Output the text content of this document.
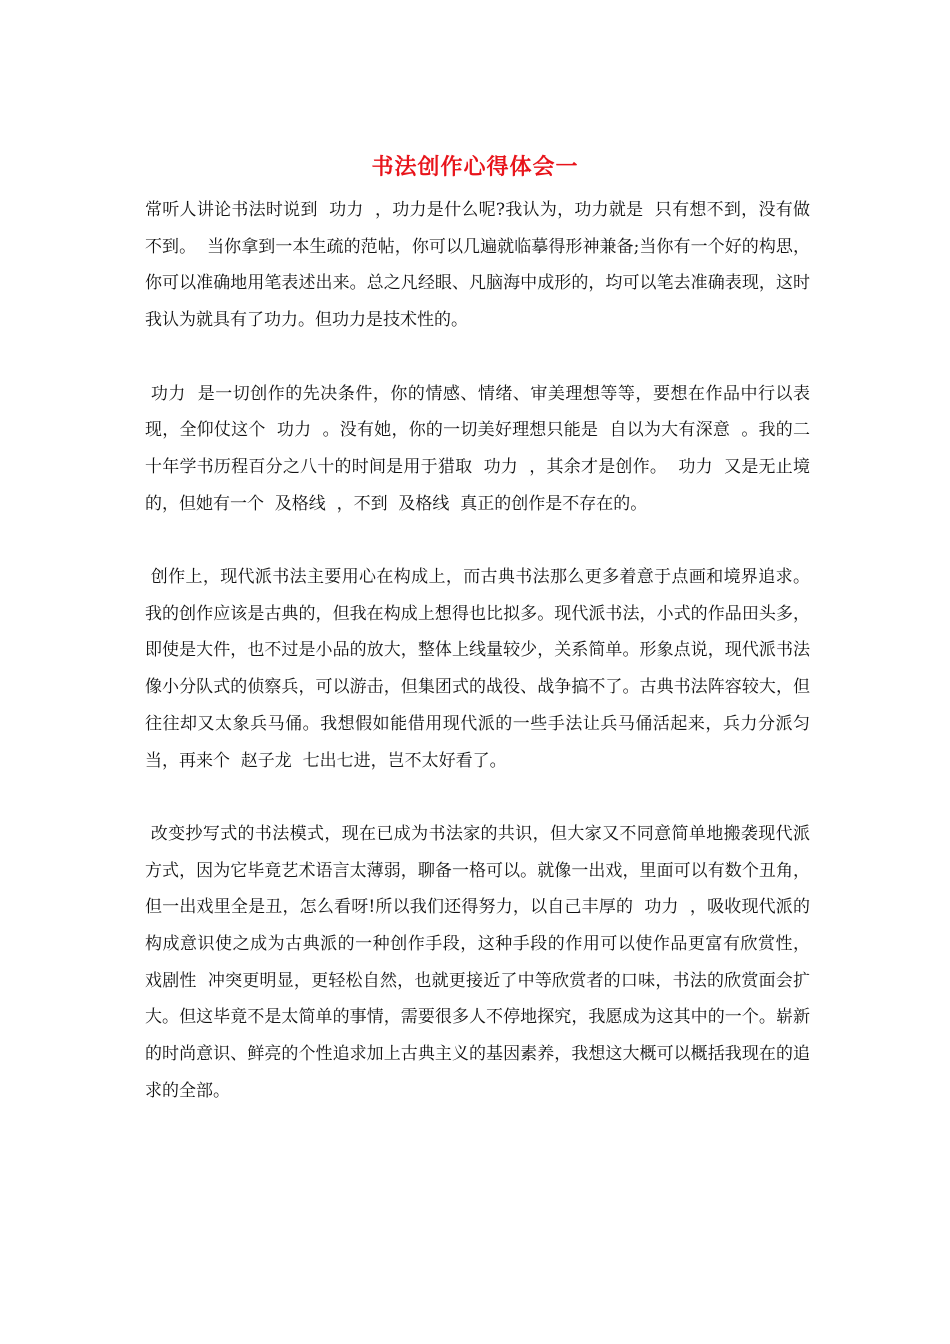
书法创作心得体会一

常听人讲论书法时说到  功力  ，功力是什么呢?我认为，功力就是  只有想不到，没有做不到。  当你拿到一本生疏的范帖，你可以几遍就临摹得形神兼备;当你有一个好的构思，你可以准确地用笔表述出来。总之凡经眼、凡脑海中成形的，均可以笔去准确表现，这时我认为就具有了功力。但功力是技术性的。

功力  是一切创作的先决条件，你的情感、情绪、审美理想等等，要想在作品中行以表现，全仰仗这个  功力  。没有她，你的一切美好理想只能是  自以为大有深意  。我的二十年学书历程百分之八十的时间是用于猎取  功力  ，其余才是创作。  功力  又是无止境的，但她有一个  及格线  ，不到  及格线  真正的创作是不存在的。

创作上，现代派书法主要用心在构成上，而古典书法那么更多着意于点画和境界追求。我的创作应该是古典的，但我在构成上想得也比拟多。现代派书法，小式的作品田头多，即使是大件，也不过是小品的放大，整体上线量较少，关系简单。形象点说，现代派书法像小分队式的侦察兵，可以游击，但集团式的战役、战争搞不了。古典书法阵容较大，但往往却又太象兵马俑。我想假如能借用现代派的一些手法让兵马俑活起来，兵力分派匀当，再来个  赵子龙  七出七进，岂不太好看了。

改变抄写式的书法模式，现在已成为书法家的共识，但大家又不同意简单地搬袭现代派方式，因为它毕竟艺术语言太薄弱，聊备一格可以。就像一出戏，里面可以有数个丑角，但一出戏里全是丑，怎么看呀!所以我们还得努力，以自己丰厚的  功力  ，吸收现代派的构成意识使之成为古典派的一种创作手段，这种手段的作用可以使作品更富有欣赏性，  戏剧性  冲突更明显，更轻松自然，也就更接近了中等欣赏者的口味，书法的欣赏面会扩大。但这毕竟不是太简单的事情，需要很多人不停地探究，我愿成为这其中的一个。崭新的时尚意识、鲜亮的个性追求加上古典主义的基因素养，我想这大概可以概括我现在的追求的全部。
